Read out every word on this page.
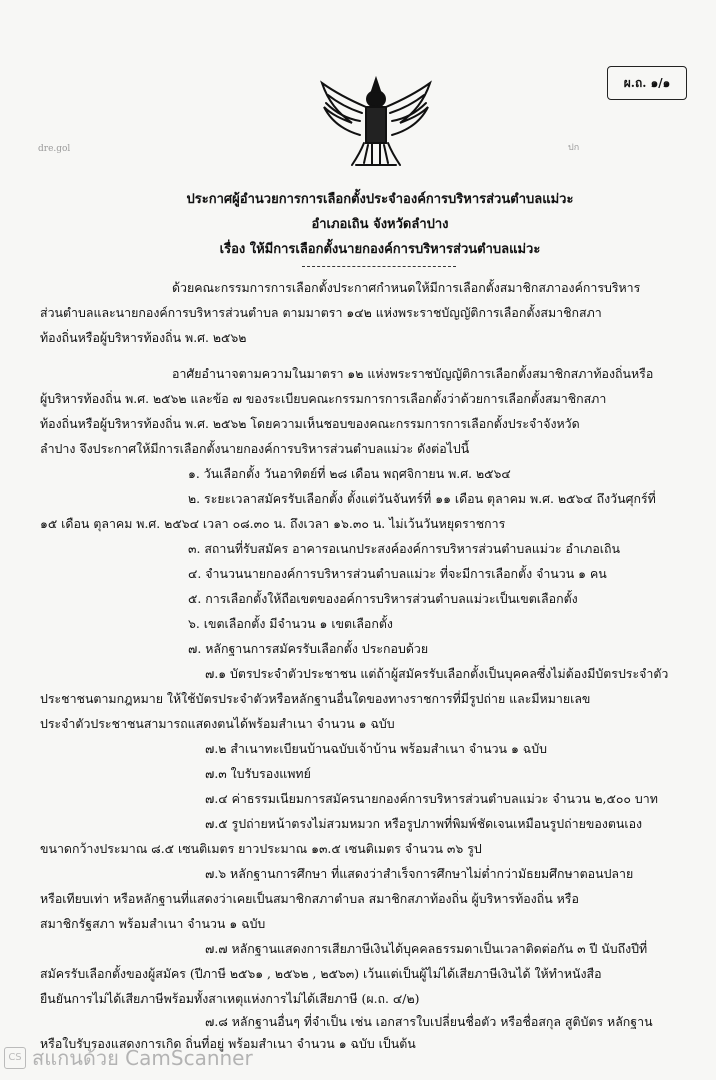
ผ.ถ. ๑/๑
dre.gol	ปก
ประกาศผู้อำนวยการการเลือกตั้งประจำองค์การบริหารส่วนตำบลแม่วะ
อำเภอเถิน จังหวัดลำปาง
เรื่อง ให้มีการเลือกตั้งนายกองค์การบริหารส่วนตำบลแม่วะ
ด้วยคณะกรรมการการเลือกตั้งประกาศกำหนดให้มีการเลือกตั้งสมาชิกสภาองค์การบริหาร
ส่วนตำบลและนายกองค์การบริหารส่วนตำบล ตามมาตรา ๑๔๒ แห่งพระราชบัญญัติการเลือกตั้งสมาชิกสภา
ท้องถิ่นหรือผู้บริหารท้องถิ่น พ.ศ. ๒๕๖๒
อาศัยอำนาจตามความในมาตรา ๑๒ แห่งพระราชบัญญัติการเลือกตั้งสมาชิกสภาท้องถิ่นหรือ
ผู้บริหารท้องถิ่น พ.ศ. ๒๕๖๒ และข้อ ๗ ของระเบียบคณะกรรมการการเลือกตั้งว่าด้วยการเลือกตั้งสมาชิกสภา
ท้องถิ่นหรือผู้บริหารท้องถิ่น พ.ศ. ๒๕๖๒ โดยความเห็นชอบของคณะกรรมการการเลือกตั้งประจำจังหวัด
ลำปาง จึงประกาศให้มีการเลือกตั้งนายกองค์การบริหารส่วนตำบลแม่วะ ดังต่อไปนี้
๑. วันเลือกตั้ง วันอาทิตย์ที่ ๒๘ เดือน พฤศจิกายน พ.ศ. ๒๕๖๔
๒. ระยะเวลาสมัครรับเลือกตั้ง ตั้งแต่วันจันทร์ที่ ๑๑ เดือน ตุลาคม พ.ศ. ๒๕๖๔ ถึงวันศุกร์ที่
๑๕ เดือน ตุลาคม พ.ศ. ๒๕๖๔ เวลา ๐๘.๓๐ น. ถึงเวลา ๑๖.๓๐ น. ไม่เว้นวันหยุดราชการ
๓. สถานที่รับสมัคร อาคารอเนกประสงค์องค์การบริหารส่วนตำบลแม่วะ อำเภอเถิน
๔. จำนวนนายกองค์การบริหารส่วนตำบลแม่วะ ที่จะมีการเลือกตั้ง จำนวน ๑ คน
๕. การเลือกตั้งให้ถือเขตของอค์การบริหารส่วนตำบลแม่วะเป็นเขตเลือกตั้ง
๖. เขตเลือกตั้ง มีจำนวน ๑ เขตเลือกตั้ง
๗. หลักฐานการสมัครรับเลือกตั้ง ประกอบด้วย
๗.๑ บัตรประจำตัวประชาชน แต่ถ้าผู้สมัครรับเลือกตั้งเป็นบุคคลซึ่งไม่ต้องมีบัตรประจำตัว
ประชาชนตามกฎหมาย ให้ใช้บัตรประจำตัวหรือหลักฐานอื่นใดของทางราชการที่มีรูปถ่าย และมีหมายเลข
ประจำตัวประชาชนสามารถแสดงตนได้พร้อมสำเนา จำนวน ๑ ฉบับ
๗.๒ สำเนาทะเบียนบ้านฉบับเจ้าบ้าน พร้อมสำเนา จำนวน ๑ ฉบับ
๗.๓ ใบรับรองแพทย์
๗.๔ ค่าธรรมเนียมการสมัครนายกองค์การบริหารส่วนตำบลแม่วะ จำนวน ๒,๕๐๐ บาท
๗.๕ รูปถ่ายหน้าตรงไม่สวมหมวก หรือรูปภาพที่พิมพ์ชัดเจนเหมือนรูปถ่ายของตนเอง
ขนาดกว้างประมาณ ๘.๕ เซนติเมตร ยาวประมาณ ๑๓.๕ เซนติเมตร จำนวน ๓๖ รูป
๗.๖ หลักฐานการศึกษา ที่แสดงว่าสำเร็จการศึกษาไม่ต่ำกว่ามัธยมศึกษาตอนปลาย
หรือเทียบเท่า หรือหลักฐานที่แสดงว่าเคยเป็นสมาชิกสภาตำบล สมาชิกสภาท้องถิ่น ผู้บริหารท้องถิ่น หรือ
สมาชิกรัฐสภา พร้อมสำเนา จำนวน ๑ ฉบับ
๗.๗ หลักฐานแสดงการเสียภาษีเงินได้บุคคลธรรมดาเป็นเวลาติดต่อกัน ๓ ปี นับถึงปีที่
สมัครรับเลือกตั้งของผู้สมัคร (ปีภาษี ๒๕๖๑ , ๒๕๖๒ , ๒๕๖๓) เว้นแต่เป็นผู้ไม่ได้เสียภาษีเงินได้ ให้ทำหนังสือ
ยืนยันการไม่ได้เสียภาษีพร้อมทั้งสาเหตุแห่งการไม่ได้เสียภาษี (ผ.ถ. ๔/๒)
๗.๘ หลักฐานอื่นๆ ที่จำเป็น เช่น เอกสารใบเปลี่ยนชื่อตัว หรือชื่อสกุล สูติบัตร หลักฐาน
หรือใบรับรองแสดงการเกิด ถิ่นที่อยู่ พร้อมสำเนา จำนวน ๑ ฉบับ เป็นต้น
CS สแกนด้วย CamScanner
